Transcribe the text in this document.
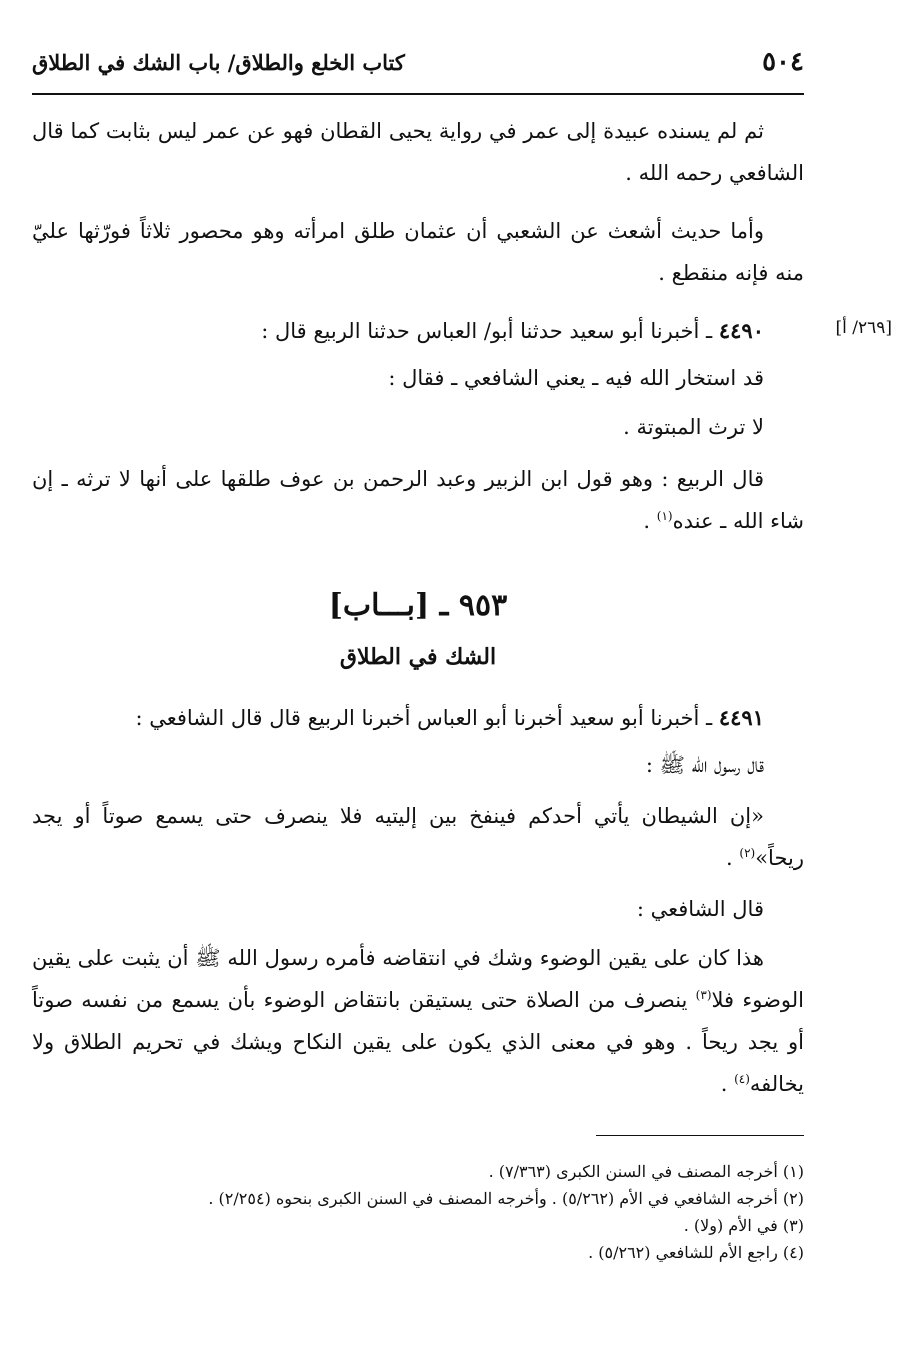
٥٠٤
كتاب الخلع والطلاق/ باب الشك في الطلاق
ثم لم يسنده عبيدة إلى عمر في رواية يحيى القطان فهو عن عمر ليس بثابت كما قال الشافعي رحمه الله .
وأما حديث أشعث عن الشعبي أن عثمان طلق امرأته وهو محصور ثلاثاً فورّثها عليّ منه فإنه منقطع .
[٢٦٩/ أ]
٤٤٩٠ ـ أخبرنا أبو سعيد حدثنا أبو/ العباس حدثنا الربيع قال :
قد استخار الله فيه ـ يعني الشافعي ـ فقال :
لا ترث المبتوتة .
قال الربيع : وهو قول ابن الزبير وعبد الرحمن بن عوف طلقها على أنها لا ترثه ـ إن شاء الله ـ عنده$^{(١)}$ .
٩٥٣ ـ [بـــاب]
الشك في الطلاق
٤٤٩١ ـ أخبرنا أبو سعيد أخبرنا أبو العباس أخبرنا الربيع قال قال الشافعي :
قال رسول الله ﷺ :
«إن الشيطان يأتي أحدكم فينفخ بين إليتيه فلا ينصرف حتى يسمع صوتاً أو يجد ريحاً»$^{(٢)}$ .
قال الشافعي :
هذا كان على يقين الوضوء وشك في انتقاضه فأمره رسول الله ﷺ أن يثبت على يقين الوضوء فلا$^{(٣)}$ ينصرف من الصلاة حتى يستيقن بانتقاض الوضوء بأن يسمع من نفسه صوتاً أو يجد ريحاً . وهو في معنى الذي يكون على يقين النكاح ويشك في تحريم الطلاق ولا يخالفه$^{(٤)}$ .
(١) أخرجه المصنف في السنن الكبرى (٧/٣٦٣) .
(٢) أخرجه الشافعي في الأم (٥/٢٦٢) . وأخرجه المصنف في السنن الكبرى بنحوه (٢/٢٥٤) .
(٣) في الأم (ولا) .
(٤) راجع الأم للشافعي (٥/٢٦٢) .
